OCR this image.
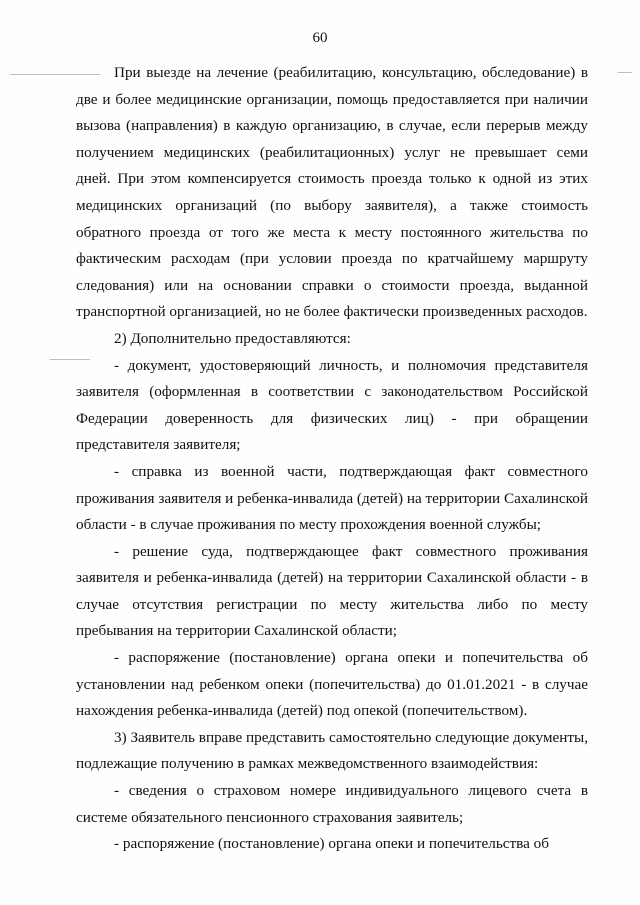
60

При выезде на лечение (реабилитацию, консультацию, обследование) в две и более медицинские организации, помощь предоставляется при наличии вызова (направления) в каждую организацию, в случае, если перерыв между получением медицинских (реабилитационных) услуг не превышает семи дней. При этом компенсируется стоимость проезда только к одной из этих медицинских организаций (по выбору заявителя), а также стоимость обратного проезда от того же места к месту постоянного жительства по фактическим расходам (при условии проезда по кратчайшему маршруту следования) или на основании справки о стоимости проезда, выданной транспортной организацией, но не более фактически произведенных расходов.

2) Дополнительно предоставляются:

- документ, удостоверяющий личность, и полномочия представителя заявителя (оформленная в соответствии с законодательством Российской Федерации доверенность для физических лиц) - при обращении представителя заявителя;

- справка из военной части, подтверждающая факт совместного проживания заявителя и ребенка-инвалида (детей) на территории Сахалинской области - в случае проживания по месту прохождения военной службы;

- решение суда, подтверждающее факт совместного проживания заявителя и ребенка-инвалида (детей) на территории Сахалинской области - в случае отсутствия регистрации по месту жительства либо по месту пребывания на территории Сахалинской области;

- распоряжение (постановление) органа опеки и попечительства об установлении над ребенком опеки (попечительства) до 01.01.2021 - в случае нахождения ребенка-инвалида (детей) под опекой (попечительством).

3) Заявитель вправе представить самостоятельно следующие документы, подлежащие получению в рамках межведомственного взаимодействия:

- сведения о страховом номере индивидуального лицевого счета в системе обязательного пенсионного страхования заявитель;

- распоряжение (постановление) органа опеки и попечительства об
